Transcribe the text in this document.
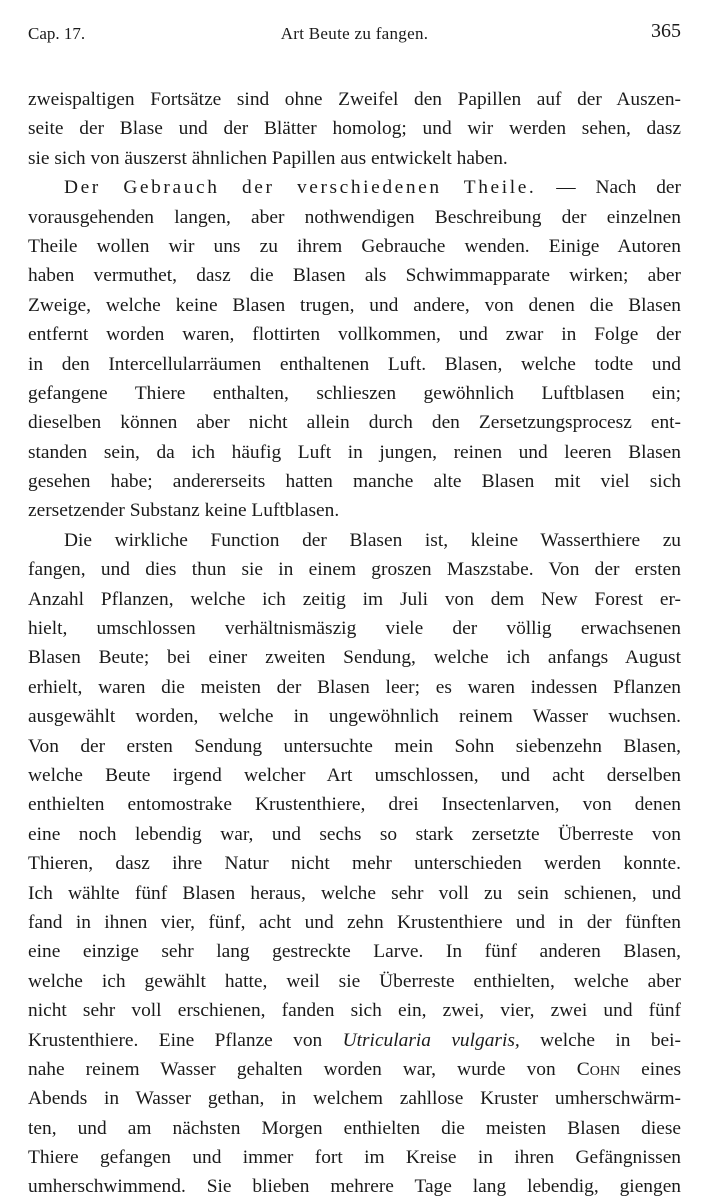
Cap. 17.	Art Beute zu fangen.	365
zweispaltigen Fortsätze sind ohne Zweifel den Papillen auf der Auszen-
seite der Blase und der Blätter homolog; und wir werden sehen, dasz
sie sich von äuszerst ähnlichen Papillen aus entwickelt haben.
Der Gebrauch der verschiedenen Theile. — Nach der
vorausgehenden langen, aber nothwendigen Beschreibung der einzelnen
Theile wollen wir uns zu ihrem Gebrauche wenden. Einige Autoren
haben vermuthet, dasz die Blasen als Schwimmapparate wirken; aber
Zweige, welche keine Blasen trugen, und andere, von denen die Blasen
entfernt worden waren, flottirten vollkommen, und zwar in Folge der
in den Intercellularräumen enthaltenen Luft. Blasen, welche todte und
gefangene Thiere enthalten, schlieszen gewöhnlich Luftblasen ein;
dieselben können aber nicht allein durch den Zersetzungsprocesz ent-
standen sein, da ich häufig Luft in jungen, reinen und leeren Blasen
gesehen habe; andererseits hatten manche alte Blasen mit viel sich
zersetzender Substanz keine Luftblasen.
Die wirkliche Function der Blasen ist, kleine Wasserthiere zu
fangen, und dies thun sie in einem groszen Maszstabe. Von der ersten
Anzahl Pflanzen, welche ich zeitig im Juli von dem New Forest er-
hielt, umschlossen verhältnismäszig viele der völlig erwachsenen
Blasen Beute; bei einer zweiten Sendung, welche ich anfangs August
erhielt, waren die meisten der Blasen leer; es waren indessen Pflanzen
ausgewählt worden, welche in ungewöhnlich reinem Wasser wuchsen.
Von der ersten Sendung untersuchte mein Sohn siebenzehn Blasen,
welche Beute irgend welcher Art umschlossen, und acht derselben
enthielten entomostrake Krustenthiere, drei Insectenlarven, von denen
eine noch lebendig war, und sechs so stark zersetzte Überreste von
Thieren, dasz ihre Natur nicht mehr unterschieden werden konnte.
Ich wählte fünf Blasen heraus, welche sehr voll zu sein schienen, und
fand in ihnen vier, fünf, acht und zehn Krustenthiere und in der fünften
eine einzige sehr lang gestreckte Larve. In fünf anderen Blasen,
welche ich gewählt hatte, weil sie Überreste enthielten, welche aber
nicht sehr voll erschienen, fanden sich ein, zwei, vier, zwei und fünf
Krustenthiere. Eine Pflanze von Utricularia vulgaris, welche in bei-
nahe reinem Wasser gehalten worden war, wurde von Cohn eines
Abends in Wasser gethan, in welchem zahllose Kruster umherschwärm-
ten, und am nächsten Morgen enthielten die meisten Blasen diese
Thiere gefangen und immer fort im Kreise in ihren Gefängnissen
umherschwimmend. Sie blieben mehrere Tage lang lebendig, giengen
